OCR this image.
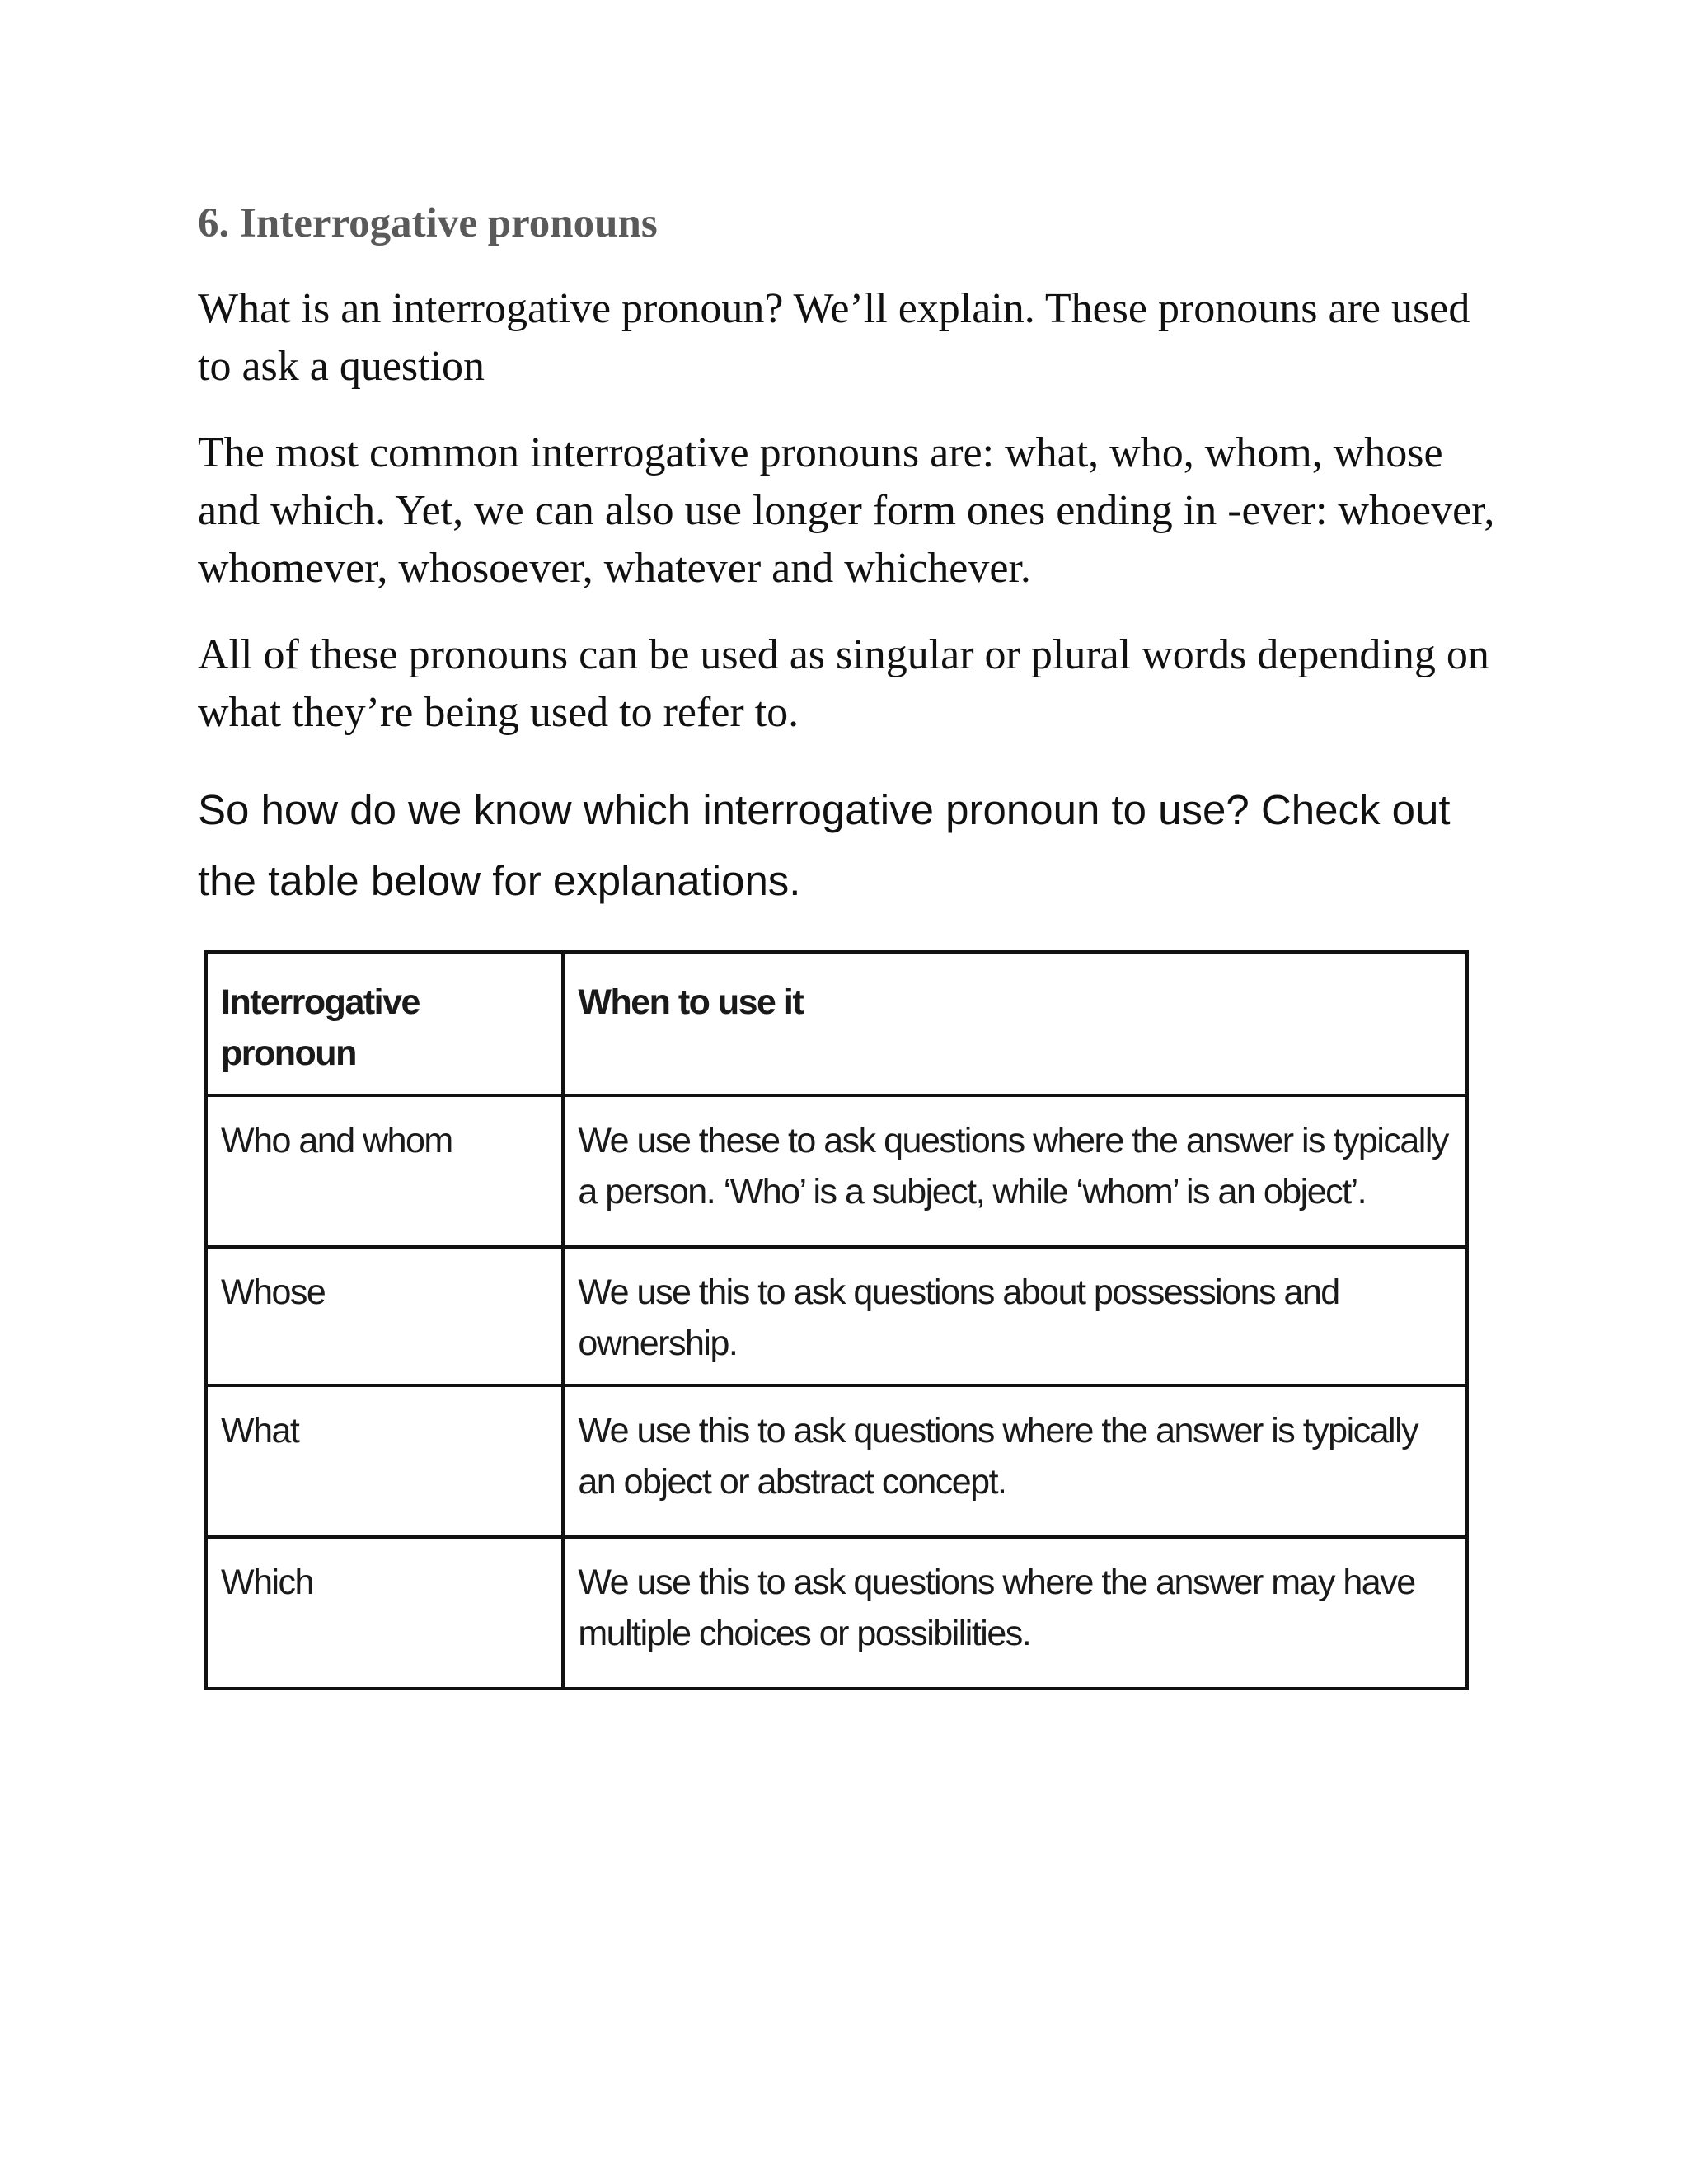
6. Interrogative pronouns

What is an interrogative pronoun? We’ll explain. These pronouns are used to ask a question

The most common interrogative pronouns are: what, who, whom, whose and which. Yet, we can also use longer form ones ending in -ever: whoever, whomever, whosoever, whatever and whichever.

All of these pronouns can be used as singular or plural words depending on what they’re being used to refer to.

So how do we know which interrogative pronoun to use? Check out the table below for explanations.

Interrogative pronoun	When to use it
Who and whom	We use these to ask questions where the answer is typically a person. ‘Who’ is a subject, while ‘whom’ is an object’.
Whose	We use this to ask questions about possessions and ownership.
What	We use this to ask questions where the answer is typically an object or abstract concept.
Which	We use this to ask questions where the answer may have multiple choices or possibilities.
